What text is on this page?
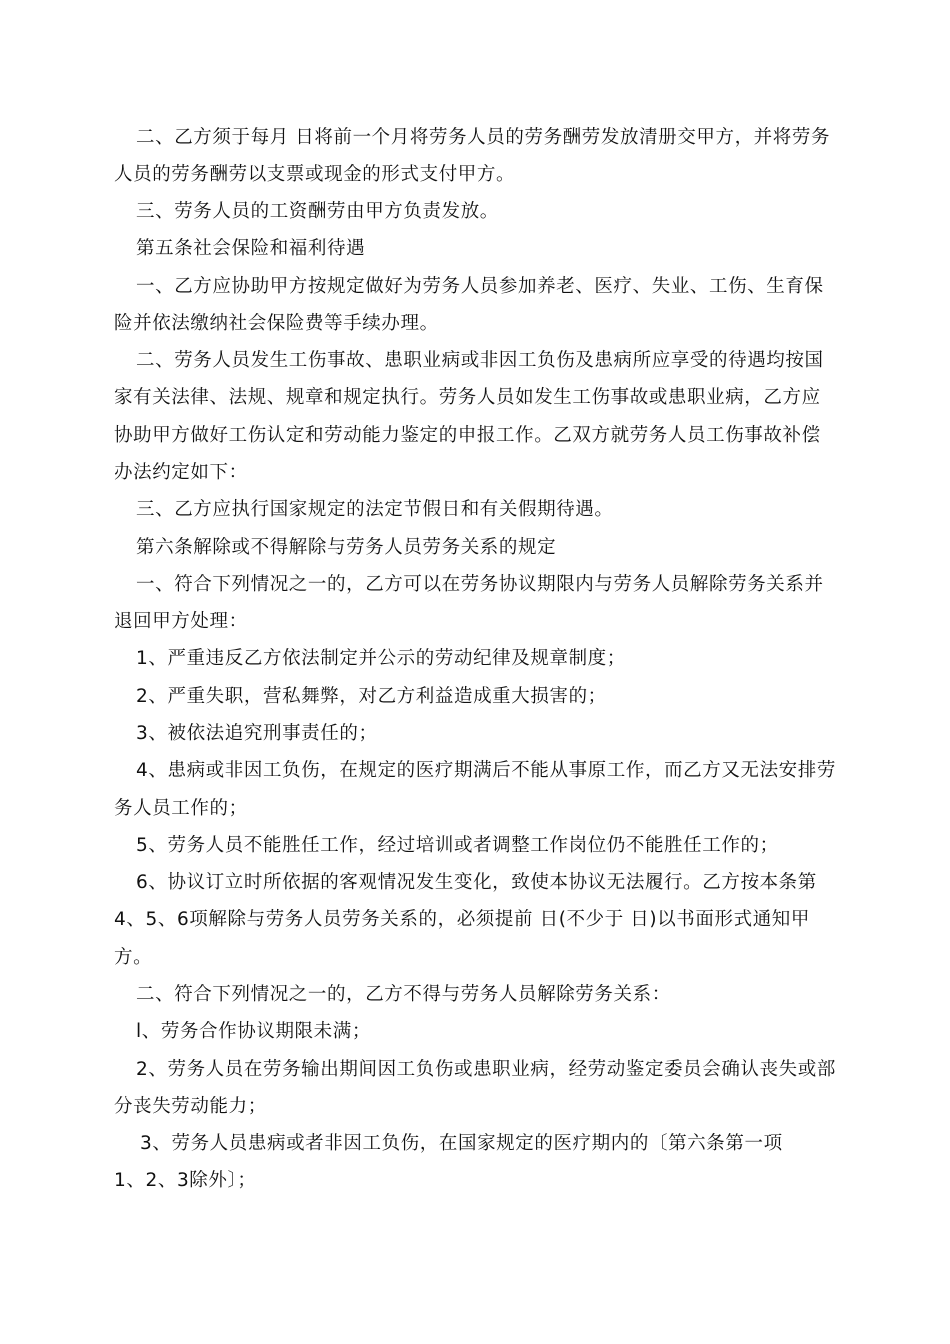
二、乙方须于每月 日将前一个月将劳务人员的劳务酬劳发放清册交甲方，并将劳务
人员的劳务酬劳以支票或现金的形式支付甲方。
三、劳务人员的工资酬劳由甲方负责发放。
第五条社会保险和福利待遇
一、乙方应协助甲方按规定做好为劳务人员参加养老、医疗、失业、工伤、生育保
险并依法缴纳社会保险费等手续办理。
二、劳务人员发生工伤事故、患职业病或非因工负伤及患病所应享受的待遇均按国
家有关法律、法规、规章和规定执行。劳务人员如发生工伤事故或患职业病，乙方应
协助甲方做好工伤认定和劳动能力鉴定的申报工作。乙双方就劳务人员工伤事故补偿
办法约定如下：
三、乙方应执行国家规定的法定节假日和有关假期待遇。
第六条解除或不得解除与劳务人员劳务关系的规定
一、符合下列情况之一的，乙方可以在劳务协议期限内与劳务人员解除劳务关系并
退回甲方处理：
1、严重违反乙方依法制定并公示的劳动纪律及规章制度；
2、严重失职，营私舞弊，对乙方利益造成重大损害的；
3、被依法追究刑事责任的；
4、患病或非因工负伤，在规定的医疗期满后不能从事原工作，而乙方又无法安排劳
务人员工作的；
5、劳务人员不能胜任工作，经过培训或者调整工作岗位仍不能胜任工作的；
6、协议订立时所依据的客观情况发生变化，致使本协议无法履行。乙方按本条第
4、5、6项解除与劳务人员劳务关系的，必须提前 日(不少于 日)以书面形式通知甲
方。
二、符合下列情况之一的，乙方不得与劳务人员解除劳务关系：
l、劳务合作协议期限未满；
2、劳务人员在劳务输出期间因工负伤或患职业病，经劳动鉴定委员会确认丧失或部
分丧失劳动能力；
3、劳务人员患病或者非因工负伤，在国家规定的医疗期内的〔第六条第一项
1、2、3除外〕；
